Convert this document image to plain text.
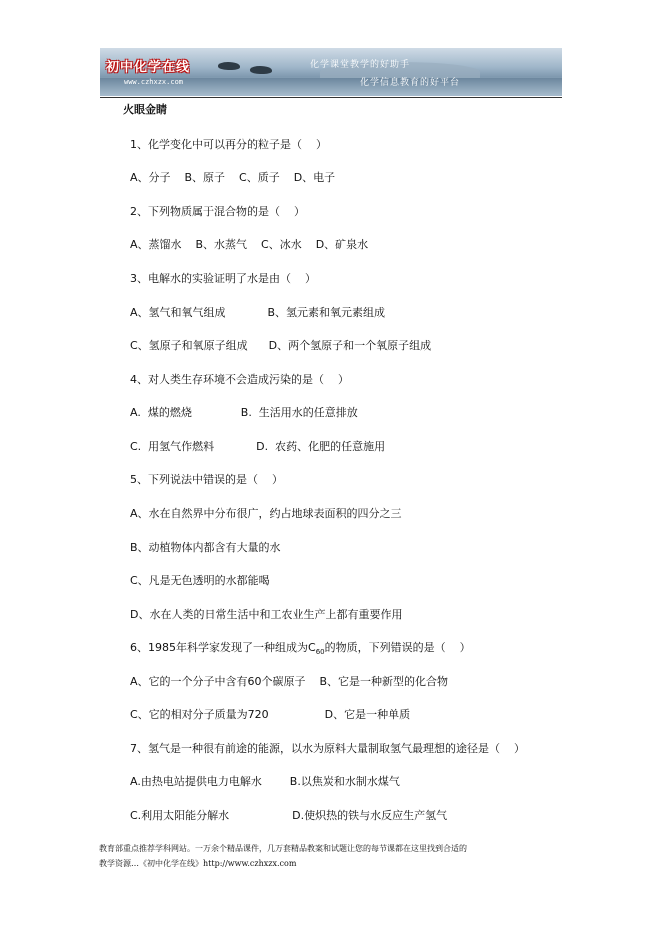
初中化学在线
www.czhxzx.com
化学课堂教学的好助手
化学信息教育的好平台
火眼金睛
1、化学变化中可以再分的粒子是（    ）
A、分子    B、原子    C、质子    D、电子
2、下列物质属于混合物的是（    ）
A、蒸馏水    B、水蒸气    C、冰水    D、矿泉水
3、电解水的实验证明了水是由（    ）
A、氢气和氧气组成            B、氢元素和氧元素组成
C、氢原子和氧原子组成      D、两个氢原子和一个氧原子组成
4、对人类生存环境不会造成污染的是（    ）
A.  煤的燃烧              B.  生活用水的任意排放
C.  用氢气作燃料            D.  农药、化肥的任意施用
5、下列说法中错误的是（    ）
A、水在自然界中分布很广，约占地球表面积的四分之三
B、动植物体内都含有大量的水
C、凡是无色透明的水都能喝
D、水在人类的日常生活中和工农业生产上都有重要作用
6、1985年科学家发现了一种组成为$C_{60}$的物质，下列错误的是（    ）
A、它的一个分子中含有60个碳原子    B、它是一种新型的化合物
C、它的相对分子质量为720                D、它是一种单质
7、氢气是一种很有前途的能源，以水为原料大量制取氢气最理想的途径是（    ）
A.由热电站提供电力电解水        B.以焦炭和水制水煤气
C.利用太阳能分解水                  D.使炽热的铁与水反应生产氢气
教育部重点推荐学科网站。一万余个精品课件，几万套精品教案和试题让您的每节课都在这里找到合适的
教学资源…《初中化学在线》http://www.czhxzx.com
